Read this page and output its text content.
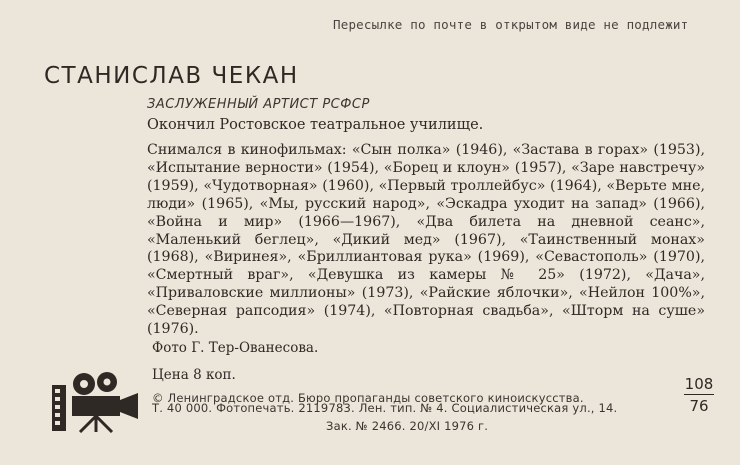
Пересылке по почте в открытом виде не подлежит
СТАНИСЛАВ ЧЕКАН
ЗАСЛУЖЕННЫЙ АРТИСТ РСФСР
Окончил Ростовское театральное училище.

Снимался в кинофильмах: «Сын полка» (1946), «Застава в горах» (1953), «Испытание верности» (1954), «Борец и клоун» (1957), «Заре навстречу» (1959), «Чудотворная» (1960), «Первый троллейбус» (1964), «Верьте мне, люди» (1965), «Мы, русский народ», «Эскадра уходит на запад» (1966), «Война и мир» (1966—1967), «Два билета на дневной сеанс», «Маленький беглец», «Дикий мед» (1967), «Таинственный монах» (1968), «Виринея», «Бриллиантовая рука» (1969), «Севастополь» (1970), «Смертный враг», «Девушка из камеры № 25» (1972), «Дача», «Приваловские миллионы» (1973), «Райские яблочки», «Нейлон 100%», «Северная рапсодия» (1974), «Повторная свадьба», «Шторм на суше» (1976).

Фото Г. Тер-Ованесова.
Цена 8 коп.
© Ленинградское отд. Бюро пропаганды советского киноискусства.
Т. 40 000. Фотопечать. 2119783. Лен. тип. № 4. Социалистическая ул., 14.
Зак. № 2466. 20/XI 1976 г.
$\frac{108}{76}$
